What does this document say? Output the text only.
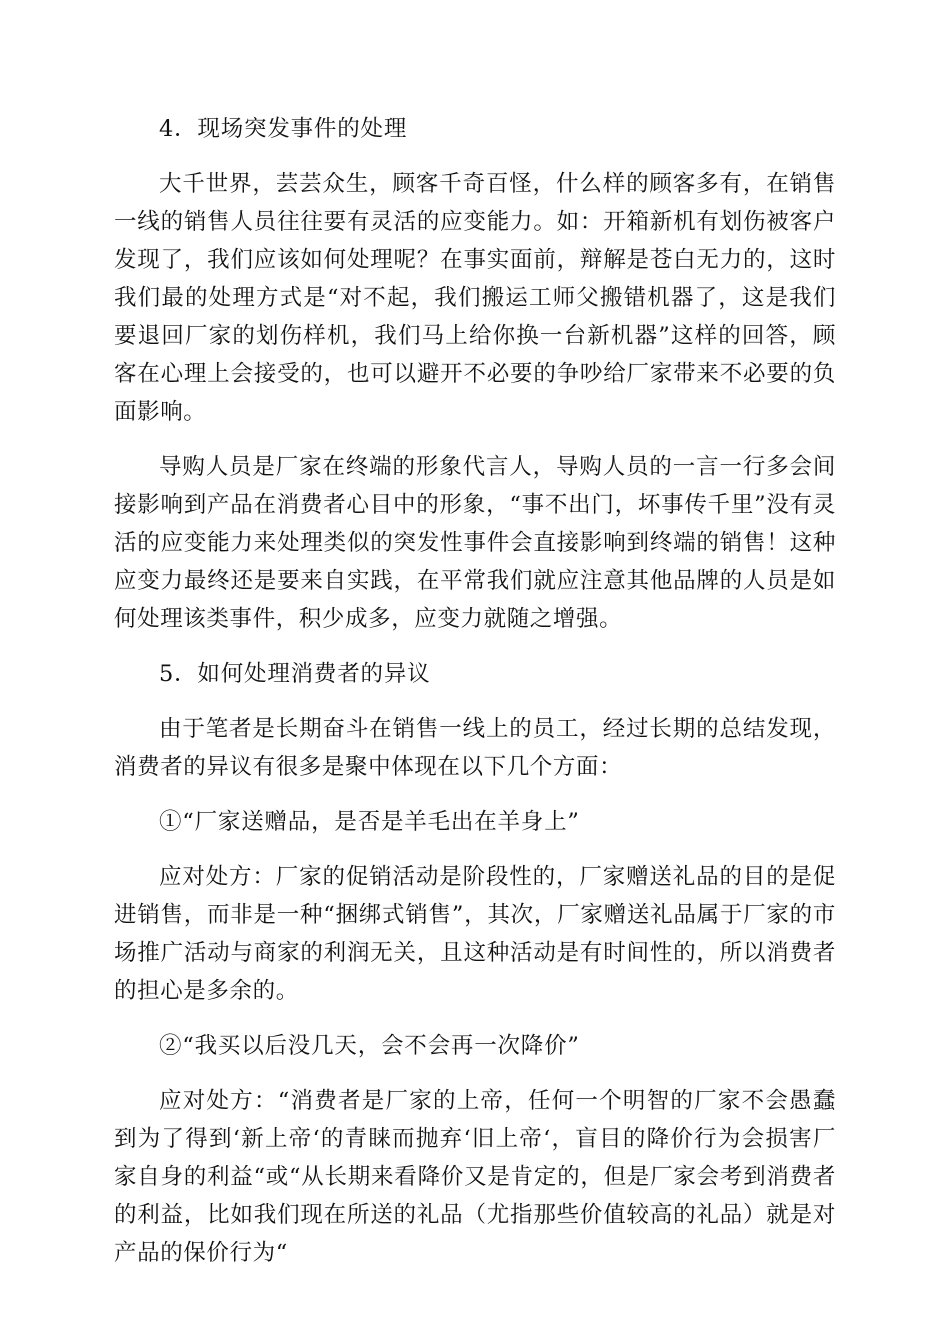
4．现场突发事件的处理

大千世界，芸芸众生，顾客千奇百怪，什么样的顾客多有，在销售一线的销售人员往往要有灵活的应变能力。如：开箱新机有划伤被客户发现了，我们应该如何处理呢？在事实面前，辩解是苍白无力的，这时我们最的处理方式是“对不起，我们搬运工师父搬错机器了，这是我们要退回厂家的划伤样机，我们马上给你换一台新机器”这样的回答，顾客在心理上会接受的，也可以避开不必要的争吵给厂家带来不必要的负面影响。

导购人员是厂家在终端的形象代言人，导购人员的一言一行多会间接影响到产品在消费者心目中的形象，“事不出门，坏事传千里”没有灵活的应变能力来处理类似的突发性事件会直接影响到终端的销售！这种应变力最终还是要来自实践，在平常我们就应注意其他品牌的人员是如何处理该类事件，积少成多，应变力就随之增强。

5．如何处理消费者的异议

由于笔者是长期奋斗在销售一线上的员工，经过长期的总结发现，消费者的异议有很多是聚中体现在以下几个方面：

①“厂家送赠品，是否是羊毛出在羊身上”

应对处方：厂家的促销活动是阶段性的，厂家赠送礼品的目的是促进销售，而非是一种“捆绑式销售”，其次，厂家赠送礼品属于厂家的市场推广活动与商家的利润无关，且这种活动是有时间性的，所以消费者的担心是多余的。

②“我买以后没几天，会不会再一次降价”

应对处方：“消费者是厂家的上帝，任何一个明智的厂家不会愚蠢到为了得到‘新上帝‘的青睐而抛弃‘旧上帝‘，盲目的降价行为会损害厂家自身的利益“或“从长期来看降价又是肯定的，但是厂家会考到消费者的利益，比如我们现在所送的礼品（尤指那些价值较高的礼品）就是对产品的保价行为“
